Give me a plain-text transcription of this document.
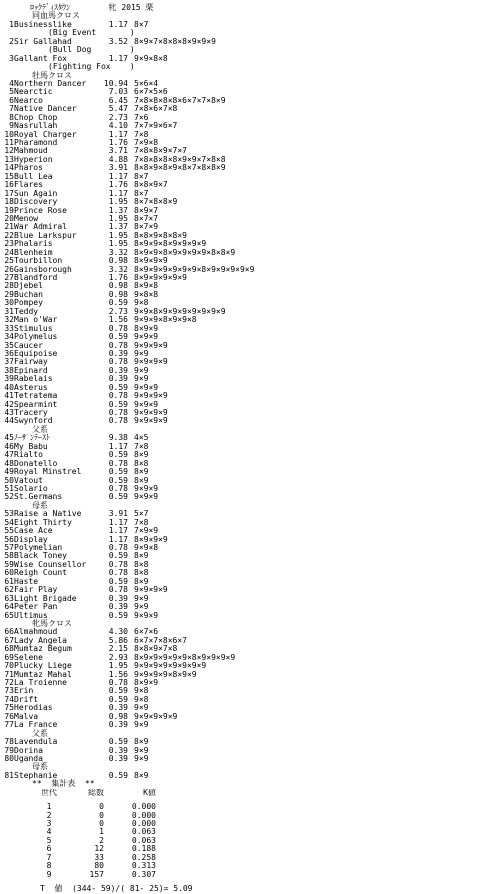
ﾛｯｸﾃﾞｨｽﾀｳﾝ	牝 2015 栗
同血馬クロス
1Businesslike	1.17 8×7
(Big Event       )
2Sir Gallahad	3.52 8×9×7×8×8×8×9×9×9
(Bull Dog        )
3Gallant Fox	1.17 9×9×8×8
(Fighting Fox    )
牡馬クロス
4Northern Dancer 10.94 5×6×4
5Nearctic	7.03 6×7×5×6
6Nearco	6.45 7×8×8×8×8×6×7×7×8×9
7Native Dancer	5.47 7×8×6×7×8
8Chop Chop	2.73 7×6
9Nasrullah	4.10 7×7×9×6×7
10Royal Charger	1.17 7×8
11Pharamond	1.76 7×9×8
12Mahmoud	3.71 7×8×8×9×7×7
13Hyperion	4.88 7×8×8×8×8×9×9×7×8×8
14Pharos	3.91 8×8×9×8×9×8×7×8×8×9
15Bull Lea	1.17 8×7
16Flares	1.76 8×8×9×7
17Sun Again	1.17 8×7
18Discovery	1.95 8×7×8×8×9
19Prince Rose	1.37 8×9×7
20Menow	1.95 8×7×7
21War Admiral	1.37 8×7×9
22Blue Larkspur	1.95 8×8×9×8×8×9
23Phalaris	1.95 8×9×9×8×9×9×9×9
24Blenheim	3.32 8×9×9×8×9×9×9×9×8×8×9
25Tourbillon	0.98 8×9×9×9
26Gainsborough	3.32 8×9×9×9×9×9×9×8×9×9×9×9×9
27Blandford	1.76 8×9×9×9×9×9
28Djebel	0.98 8×9×8
29Buchan	0.98 9×8×8
30Pompey	0.59 9×8
31Teddy	2.73 9×9×8×9×9×9×9×9×9×9
32Man o'War	1.56 9×9×9×8×9×9×8
33Stimulus	0.78 8×9×9
34Polymelus	0.59 9×9×9
35Caucer	0.78 9×9×9×9
36Equipoise	0.39 9×9
37Fairway	0.78 9×9×9×9
38Epinard	0.39 9×9
39Rabelais	0.39 9×9
40Asterus	0.59 9×9×9
41Tetratema	0.78 9×9×9×9
42Spearmint	0.59 9×9×9
43Tracery	0.78 9×9×9×9
44Swynford	0.78 9×9×9×9
父系
45ﾉｰｻﾞﾝﾃｰｽﾄ	9.38 4×5
46My Babu	1.17 7×8
47Rialto	0.59 8×9
48Donatello	0.78 8×8
49Royal Minstrel	0.59 8×9
50Vatout	0.59 8×9
51Solario	0.78 9×9×9
52St.Germans	0.59 9×9×9
母系
53Raise a Native	3.91 5×7
54Eight Thirty	1.17 7×8
55Case Ace	1.17 7×9×9
56Display	1.17 8×9×9×9
57Polymelian	0.78 9×9×8
58Black Toney	0.59 8×9
59Wise Counsellor	0.78 8×8
60Reigh Count	0.78 8×8
61Haste	0.59 8×9
62Fair Play	0.78 9×9×9×9
63Light Brigade	0.39 9×9
64Peter Pan	0.39 9×9
65Ultimus	0.59 9×9×9
牝馬クロス
66Almahmoud	4.30 6×7×6
67Lady Angela	5.86 6×7×7×8×6×7
68Mumtaz Begum	2.15 8×8×9×7×8
69Selene	2.93 8×9×9×9×9×9×8×9×9×9×9
70Plucky Liege	1.95 9×9×9×9×9×9×9×9
71Mumtaz Mahal	1.56 9×9×9×9×8×9×9
72La Troienne	0.78 8×9×9
73Erin	0.59 9×8
74Drift	0.59 9×8
75Herodias	0.39 9×9
76Malva	0.98 9×9×9×9×9
77La France	0.39 9×9
父系
78Lavendula	0.59 8×9
79Dorina	0.39 9×9
80Uganda	0.39 9×9
母系
81Stephanie	0.59 8×9
**  集計表  **
世代	総数	K値
1	0	0.000
2	0	0.000
3	0	0.000
4	1	0.063
5	2	0.063
6	12	0.188
7	33	0.258
8	80	0.313
9	157	0.307
T  値  (344- 59)/( 81- 25)= 5.09
